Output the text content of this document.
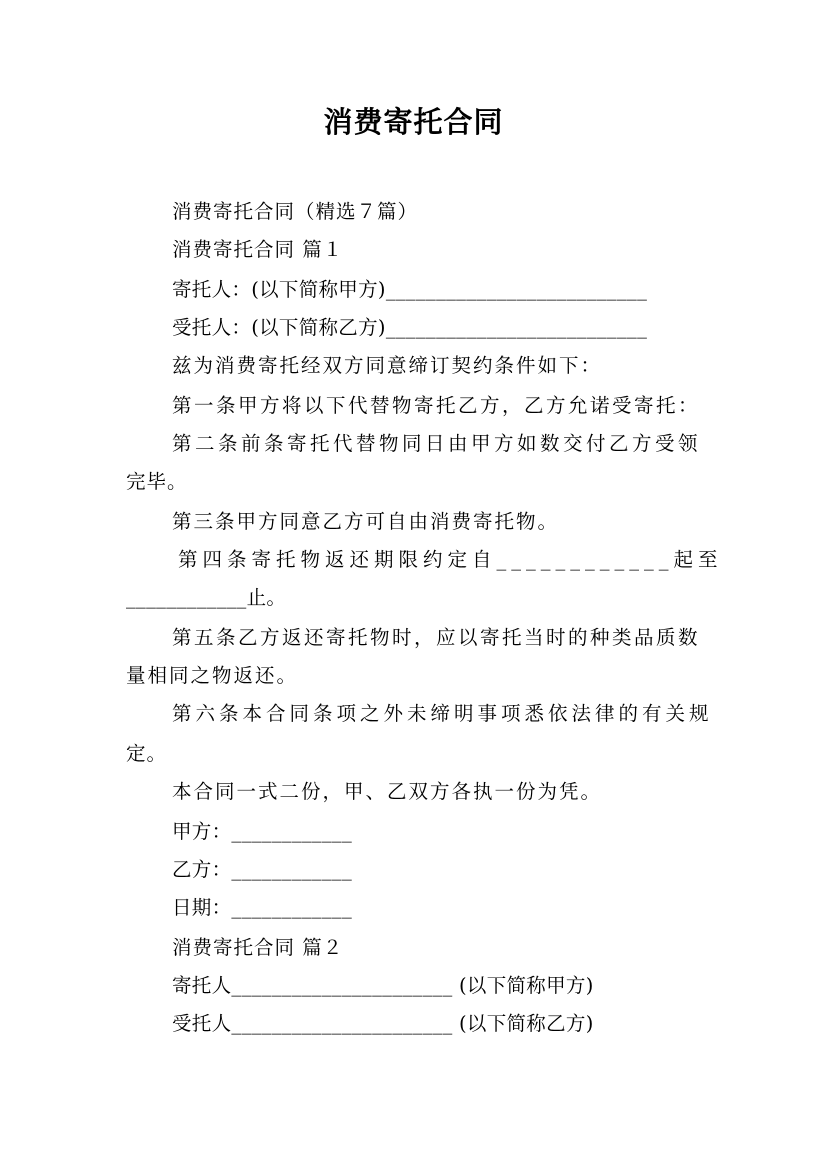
消费寄托合同
消费寄托合同（精选７篇）
消费寄托合同 篇１
寄托人：(以下简称甲方)__________________________
受托人：(以下简称乙方)__________________________
兹为消费寄托经双方同意缔订契约条件如下：
第一条甲方将以下代替物寄托乙方，乙方允诺受寄托：
第二条前条寄托代替物同日由甲方如数交付乙方受领
完毕。
第三条甲方同意乙方可自由消费寄托物。
第四条寄托物返还期限约定自____________起至
____________止。
第五条乙方返还寄托物时，应以寄托当时的种类品质数
量相同之物返还。
第六条本合同条项之外未缔明事项悉依法律的有关规
定。
本合同一式二份，甲、乙双方各执一份为凭。
甲方：____________
乙方：____________
日期：____________
消费寄托合同 篇２
寄托人______________________ (以下简称甲方)
受托人______________________ (以下简称乙方)
